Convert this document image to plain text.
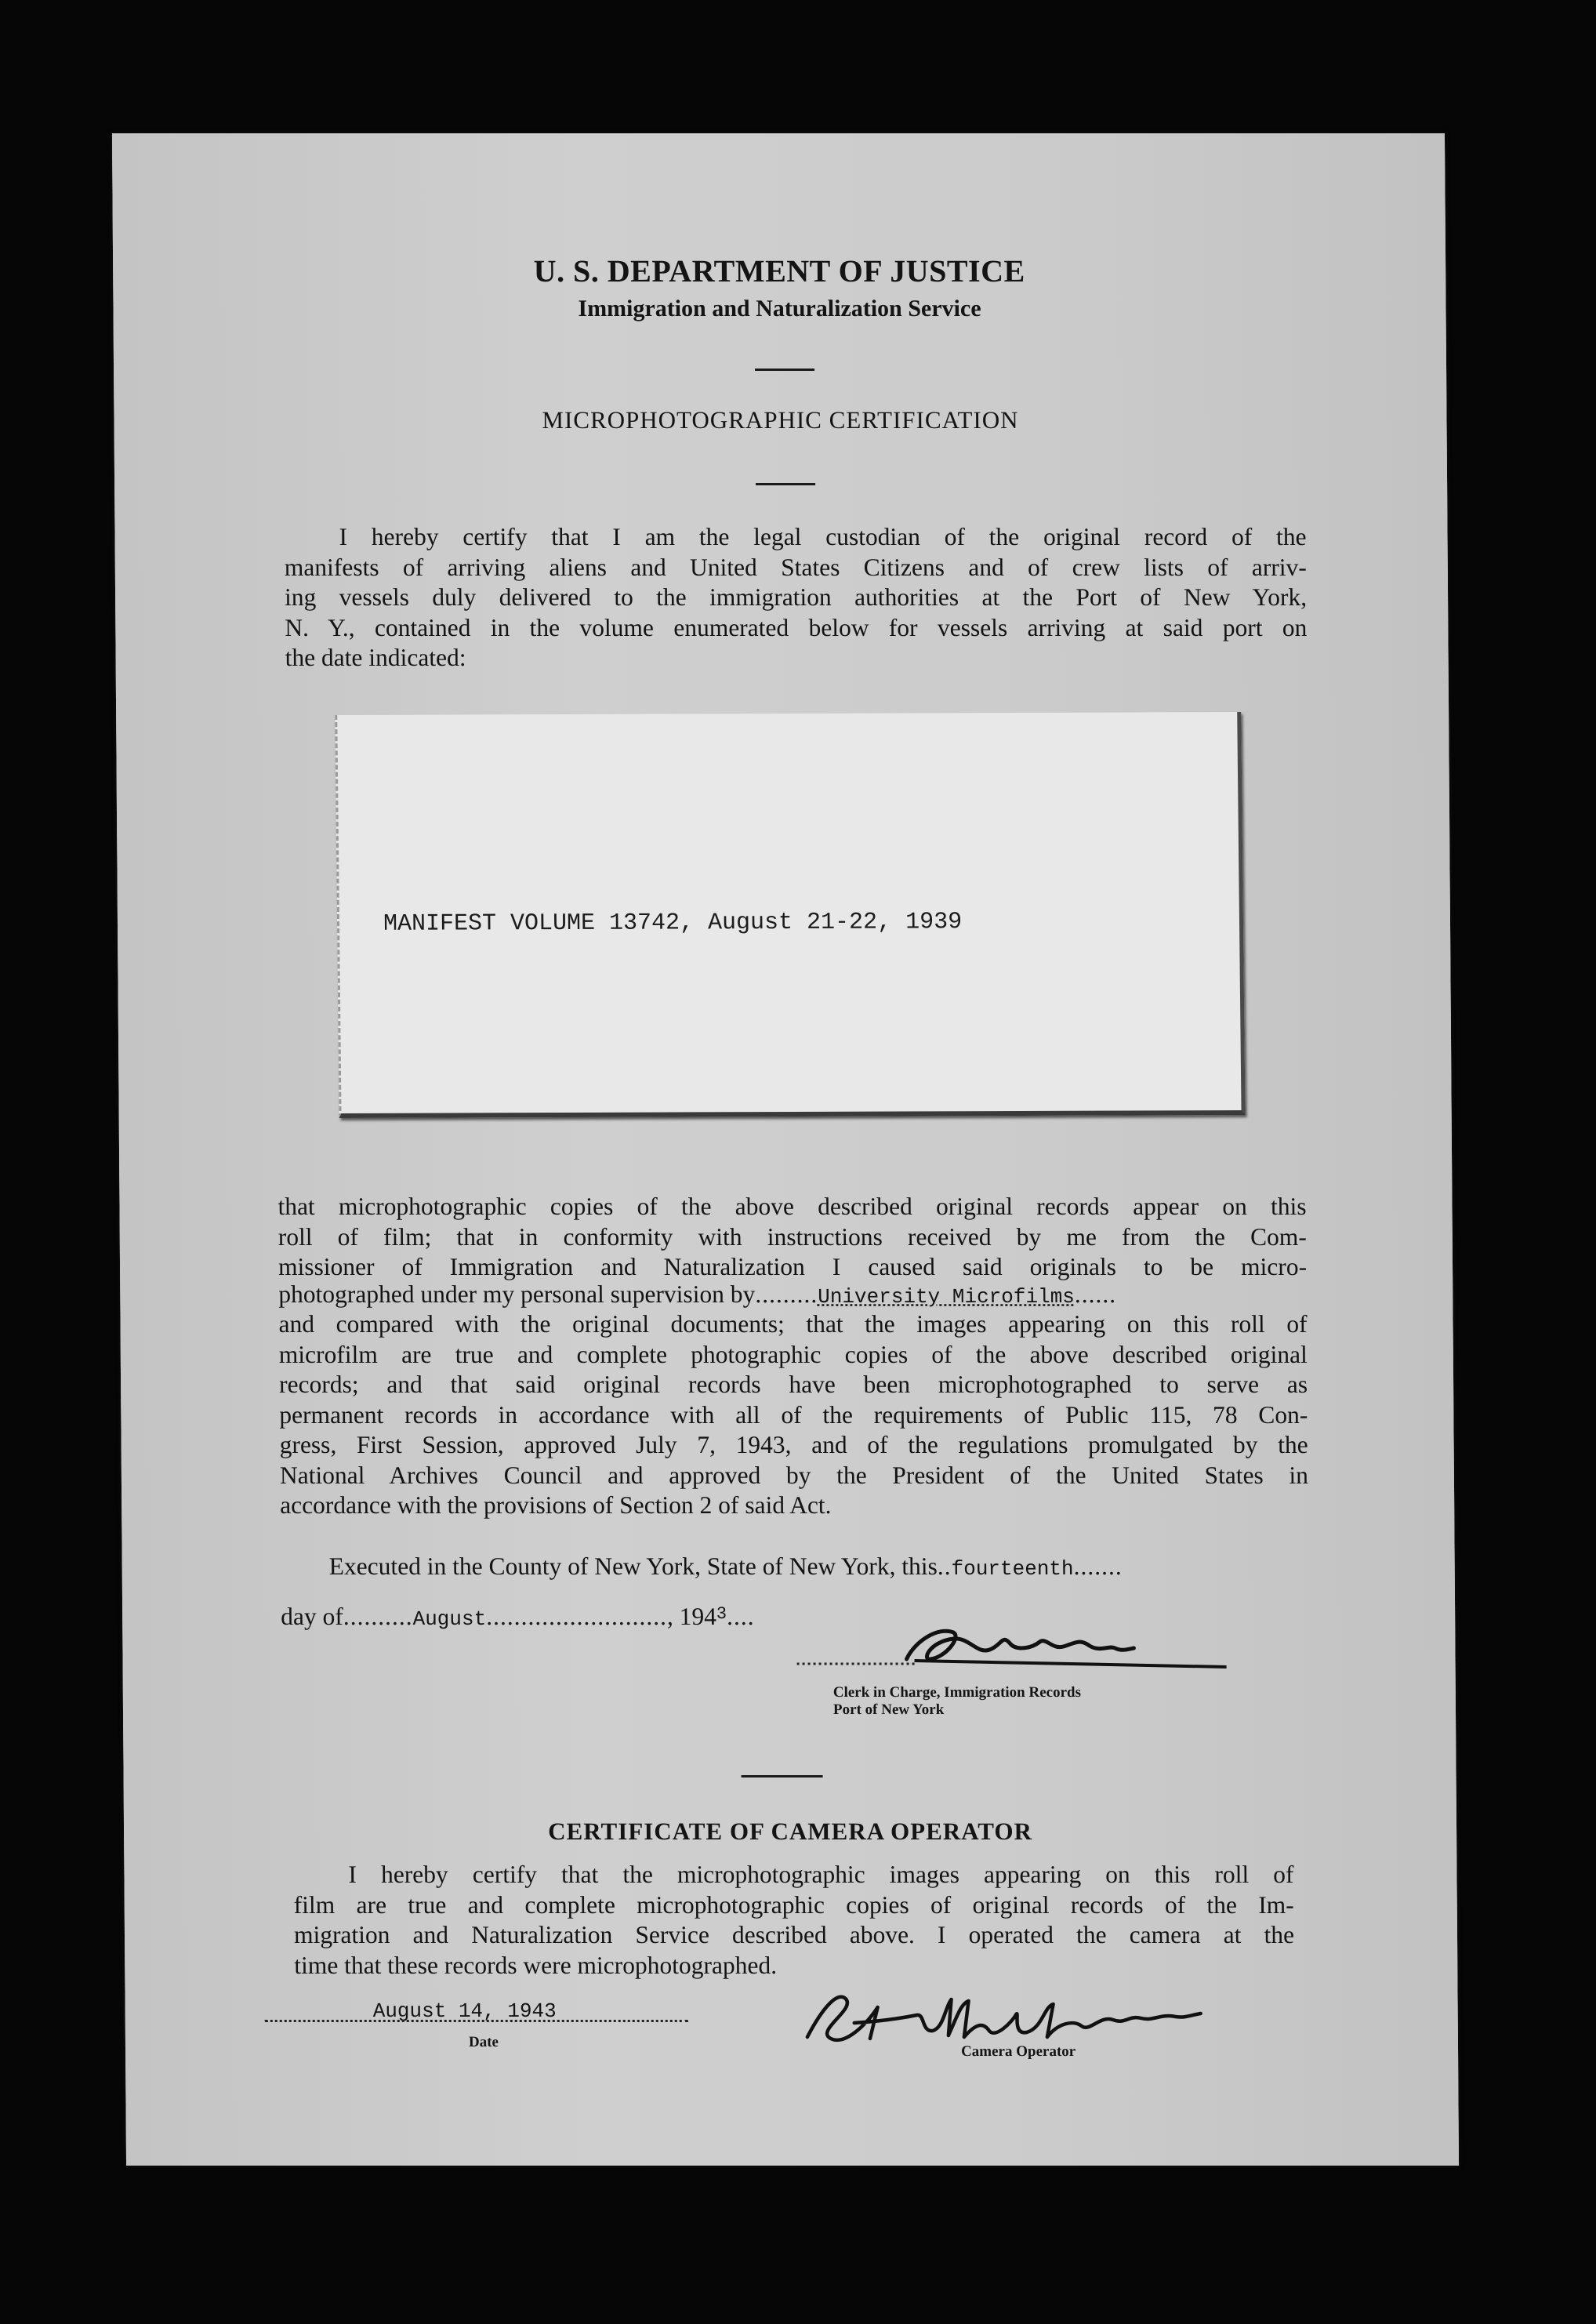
U. S. DEPARTMENT OF JUSTICE
Immigration and Naturalization Service
MICROPHOTOGRAPHIC CERTIFICATION
I hereby certify that I am the legal custodian of the original record of the
manifests of arriving aliens and United States Citizens and of crew lists of arriv-
ing vessels duly delivered to the immigration authorities at the Port of New York,
N. Y., contained in the volume enumerated below for vessels arriving at said port on
the date indicated:
MANIFEST VOLUME 13742, August 21-22, 1939
that microphotographic copies of the above described original records appear on this
roll of film; that in conformity with instructions received by me from the Com-
missioner of Immigration and Naturalization I caused said originals to be micro-
photographed under my personal supervision by.........University Microfilms......
and compared with the original documents; that the images appearing on this roll of
microfilm are true and complete photographic copies of the above described original
records; and that said original records have been microphotographed to serve as
permanent records in accordance with all of the requirements of Public 115, 78 Con-
gress, First Session, approved July 7, 1943, and of the regulations promulgated by the
National Archives Council and approved by the President of the United States in
accordance with the provisions of Section 2 of said Act.
Executed in the County of New York, State of New York, this..fourteenth.......
day of..........August.........................., $194^3$....
Clerk in Charge, Immigration Records
Port of New York
CERTIFICATE OF CAMERA OPERATOR
I hereby certify that the microphotographic images appearing on this roll of
film are true and complete microphotographic copies of original records of the Im-
migration and Naturalization Service described above. I operated the camera at the
time that these records were microphotographed.
August 14, 1943
Date
Camera Operator
